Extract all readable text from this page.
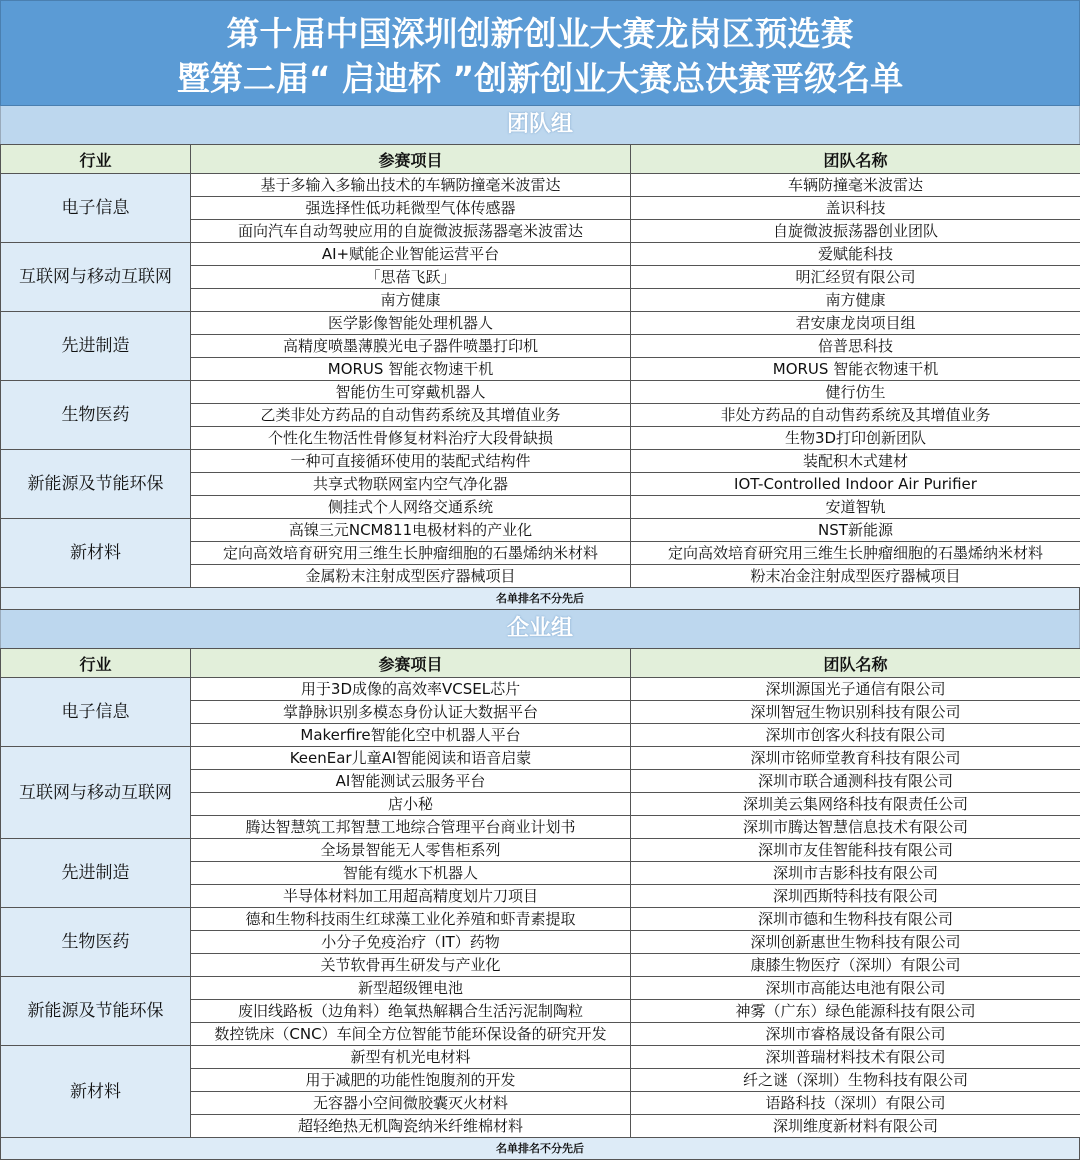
第十届中国深圳创新创业大赛龙岗区预选赛
暨第二届“ 启迪杯 ”创新创业大赛总决赛晋级名单
团队组
行业	参赛项目	团队名称
电子信息	基于多输入多输出技术的车辆防撞毫米波雷达	车辆防撞毫米波雷达
	强选择性低功耗微型气体传感器	盖识科技
	面向汽车自动驾驶应用的自旋微波振荡器毫米波雷达	自旋微波振荡器创业团队
互联网与移动互联网	AI+赋能企业智能运营平台	爱赋能科技
	「思蓓飞跃」	明汇经贸有限公司
	南方健康	南方健康
先进制造	医学影像智能处理机器人	君安康龙岗项目组
	高精度喷墨薄膜光电子器件喷墨打印机	倍普思科技
	MORUS 智能衣物速干机	MORUS 智能衣物速干机
生物医药	智能仿生可穿戴机器人	健行仿生
	乙类非处方药品的自动售药系统及其增值业务	非处方药品的自动售药系统及其增值业务
	个性化生物活性骨修复材料治疗大段骨缺损	生物3D打印创新团队
新能源及节能环保	一种可直接循环使用的装配式结构件	装配积木式建材
	共享式物联网室内空气净化器	IOT-Controlled Indoor Air Purifier
	侧挂式个人网络交通系统	安道智轨
新材料	高镍三元NCM811电极材料的产业化	NST新能源
	定向高效培育研究用三维生长肿瘤细胞的石墨烯纳米材料	定向高效培育研究用三维生长肿瘤细胞的石墨烯纳米材料
	金属粉末注射成型医疗器械项目	粉末冶金注射成型医疗器械项目
名单排名不分先后
企业组
行业	参赛项目	团队名称
电子信息	用于3D成像的高效率VCSEL芯片	深圳源国光子通信有限公司
	掌静脉识别多模态身份认证大数据平台	深圳智冠生物识别科技有限公司
	Makerfire智能化空中机器人平台	深圳市创客火科技有限公司
互联网与移动互联网	KeenEar儿童AI智能阅读和语音启蒙	深圳市铭师堂教育科技有限公司
	AI智能测试云服务平台	深圳市联合通测科技有限公司
	店小秘	深圳美云集网络科技有限责任公司
	腾达智慧筑工邦智慧工地综合管理平台商业计划书	深圳市腾达智慧信息技术有限公司
先进制造	全场景智能无人零售柜系列	深圳市友佳智能科技有限公司
	智能有缆水下机器人	深圳市吉影科技有限公司
	半导体材料加工用超高精度划片刀项目	深圳西斯特科技有限公司
生物医药	德和生物科技雨生红球藻工业化养殖和虾青素提取	深圳市德和生物科技有限公司
	小分子免疫治疗（IT）药物	深圳创新惠世生物科技有限公司
	关节软骨再生研发与产业化	康膝生物医疗（深圳）有限公司
新能源及节能环保	新型超级锂电池	深圳市高能达电池有限公司
	废旧线路板（边角料）绝氧热解耦合生活污泥制陶粒	神雾（广东）绿色能源科技有限公司
	数控铣床（CNC）车间全方位智能节能环保设备的研究开发	深圳市睿格晟设备有限公司
新材料	新型有机光电材料	深圳普瑞材料技术有限公司
	用于减肥的功能性饱腹剂的开发	纤之谜（深圳）生物科技有限公司
	无容器小空间微胶囊灭火材料	语路科技（深圳）有限公司
	超轻绝热无机陶瓷纳米纤维棉材料	深圳维度新材料有限公司
名单排名不分先后
